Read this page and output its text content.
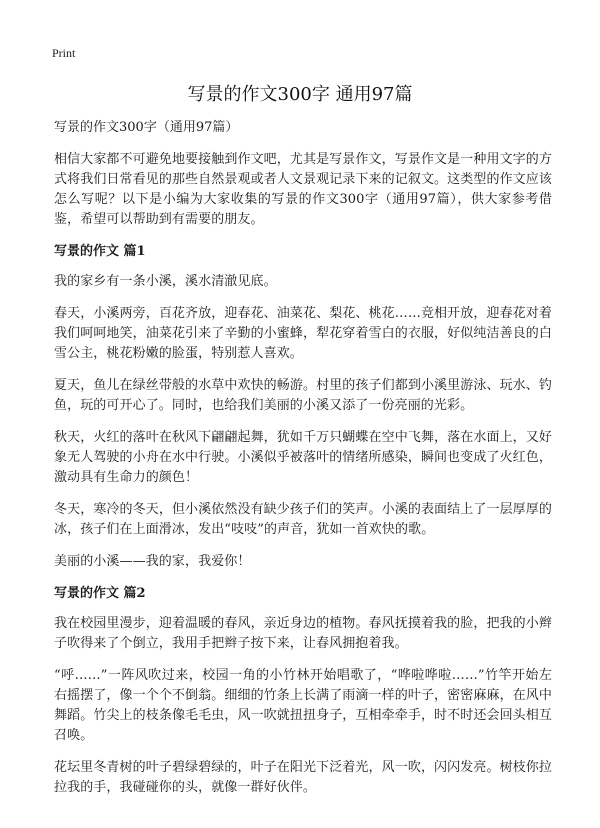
Print
写景的作文300字 通用97篇
写景的作文300字（通用97篇）

相信大家都不可避免地要接触到作文吧，尤其是写景作文，写景作文是一种用文字的方式将我们日常看见的那些自然景观或者人文景观记录下来的记叙文。这类型的作文应该怎么写呢？以下是小编为大家收集的写景的作文300字（通用97篇），供大家参考借鉴，希望可以帮助到有需要的朋友。

写景的作文 篇1

我的家乡有一条小溪，溪水清澈见底。

春天，小溪两旁，百花齐放，迎春花、油菜花、梨花、桃花……竞相开放，迎春花对着我们呵呵地笑，油菜花引来了辛勤的小蜜蜂，犁花穿着雪白的衣服，好似纯洁善良的白雪公主，桃花粉嫩的脸蛋，特别惹人喜欢。

夏天，鱼儿在绿丝带般的水草中欢快的畅游。村里的孩子们都到小溪里游泳、玩水、钓鱼，玩的可开心了。同时，也给我们美丽的小溪又添了一份亮丽的光彩。

秋天，火红的落叶在秋风下翩翩起舞，犹如千万只蝴蝶在空中飞舞，落在水面上，又好象无人驾驶的小舟在水中行驶。小溪似乎被落叶的情绪所感染，瞬间也变成了火红色，激动具有生命力的颜色！

冬天，寒冷的冬天，但小溪依然没有缺少孩子们的笑声。小溪的表面结上了一层厚厚的冰，孩子们在上面滑冰，发出“吱吱”的声音，犹如一首欢快的歌。

美丽的小溪——我的家，我爱你！

写景的作文 篇2

我在校园里漫步，迎着温暖的春风，亲近身边的植物。春风抚摸着我的脸，把我的小辫子吹得来了个倒立，我用手把辫子按下来，让春风拥抱着我。

“呼……”一阵风吹过来，校园一角的小竹林开始唱歌了，“哗啦哗啦……”竹竿开始左右摇摆了，像一个个不倒翁。细细的竹条上长满了雨滴一样的叶子，密密麻麻，在风中舞蹈。竹尖上的枝条像毛毛虫，风一吹就扭扭身子，互相牵牵手，时不时还会回头相互召唤。

花坛里冬青树的叶子碧绿碧绿的，叶子在阳光下泛着光，风一吹，闪闪发亮。树枝你拉拉我的手，我碰碰你的头，就像一群好伙伴。
